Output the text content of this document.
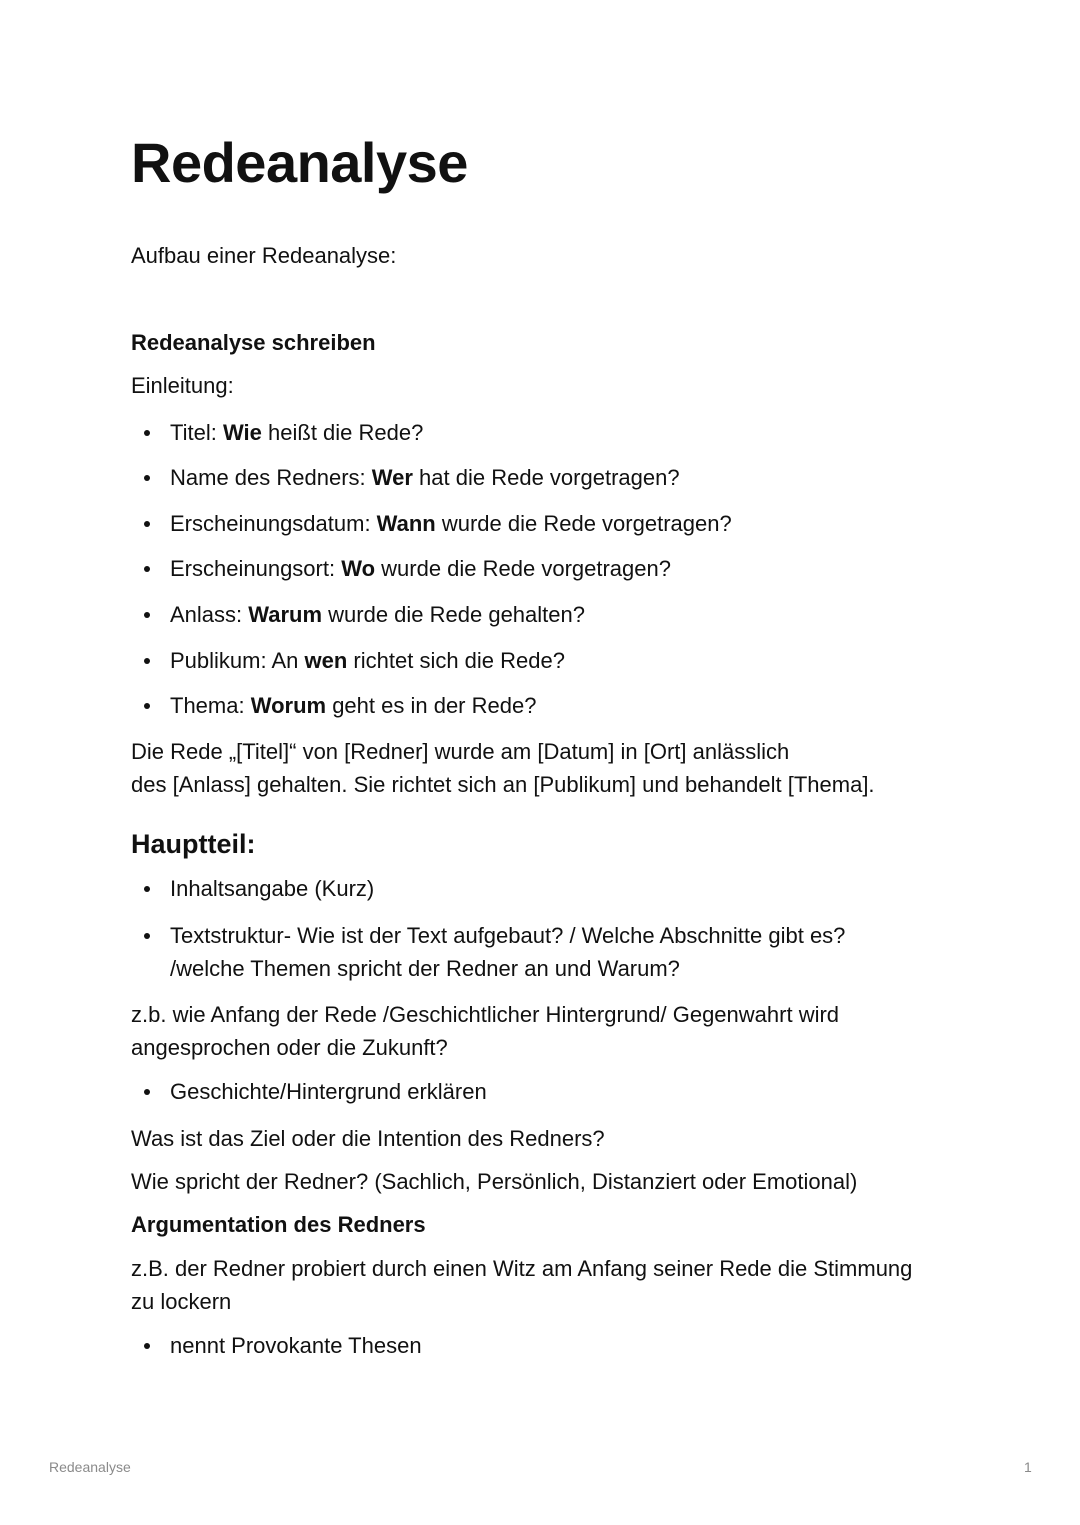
Redeanalyse

Aufbau einer Redeanalyse:

Redeanalyse schreiben

Einleitung:

Titel: Wie heißt die Rede?
Name des Redners: Wer hat die Rede vorgetragen?
Erscheinungsdatum: Wann wurde die Rede vorgetragen?
Erscheinungsort: Wo wurde die Rede vorgetragen?
Anlass: Warum wurde die Rede gehalten?
Publikum: An wen richtet sich die Rede?
Thema: Worum geht es in der Rede?

Die Rede „[Titel]“ von [Redner] wurde am [Datum] in [Ort] anlässlich

des [Anlass] gehalten. Sie richtet sich an [Publikum] und behandelt [Thema].

Hauptteil:
Inhaltsangabe (Kurz)
Textstruktur- Wie ist der Text aufgebaut? / Welche Abschnitte gibt es?
/welche Themen spricht der Redner an und Warum?

z.b. wie Anfang der Rede /Geschichtlicher Hintergrund/ Gegenwahrt wird

angesprochen oder die Zukunft?

Geschichte/Hintergrund erklären

Was ist das Ziel oder die Intention des Redners?

Wie spricht der Redner? (Sachlich, Persönlich, Distanziert oder Emotional)

Argumentation des Redners

z.B. der Redner probiert durch einen Witz am Anfang seiner Rede die Stimmung

zu lockern

nennt Provokante Thesen
Redeanalyse	1
